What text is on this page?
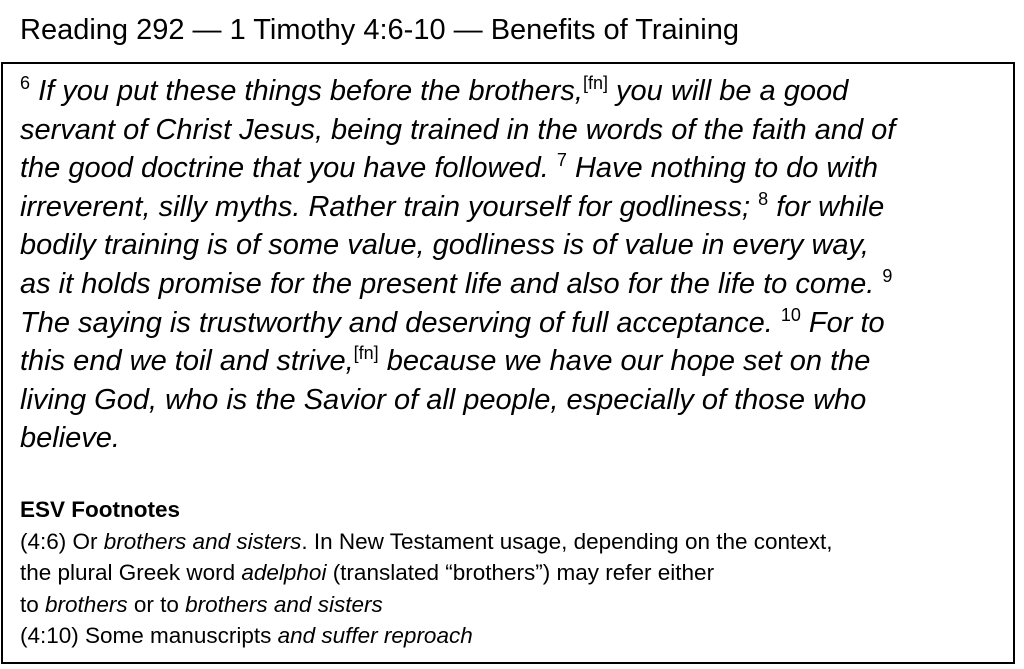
Reading 292 — 1 Timothy 4:6-10 — Benefits of Training
$^6$ If you put these things before the brothers,[fn] you will be a good
servant of Christ Jesus, being trained in the words of the faith and of
the good doctrine that you have followed. $^7$ Have nothing to do with
irreverent, silly myths. Rather train yourself for godliness; $^8$ for while
bodily training is of some value, godliness is of value in every way,
as it holds promise for the present life and also for the life to come. $^9$
The saying is trustworthy and deserving of full acceptance. $^{10}$ For to
this end we toil and strive,[fn] because we have our hope set on the
living God, who is the Savior of all people, especially of those who
believe.
ESV Footnotes
(4:6) Or brothers and sisters. In New Testament usage, depending on the context,
the plural Greek word adelphoi (translated “brothers”) may refer either
to brothers or to brothers and sisters
(4:10) Some manuscripts and suffer reproach
